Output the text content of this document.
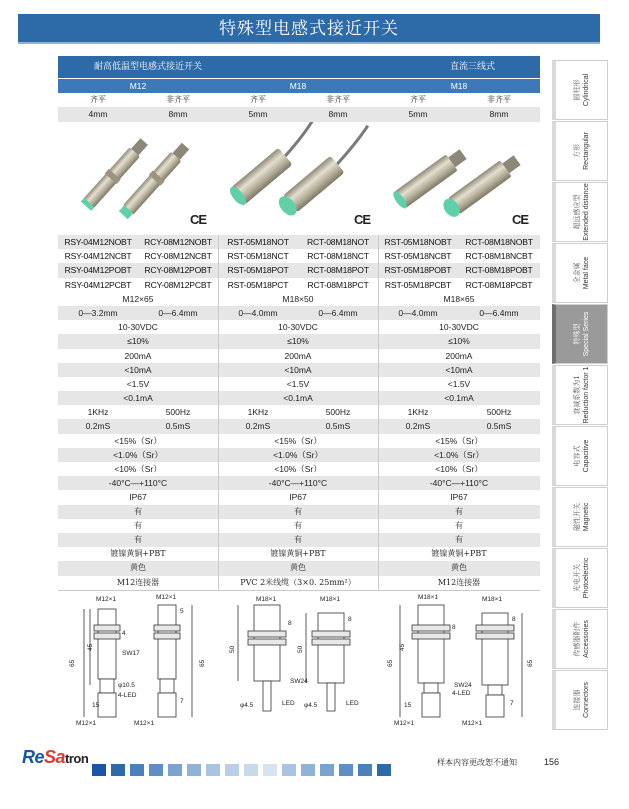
特殊型电感式接近开关
耐高低温型电感式接近开关	直流三线式
M12	M18	M18
齐平	非齐平	齐平	非齐平	齐平	非齐平
4mm	8mm	5mm	8mm	5mm	8mm
CE	CE	CE
RSY-04M12NOBT	RCY-08M12NOBT	RST-05M18NOT	RCT-08M18NOT	RST-05M18NOBT	RCT-08M18NOBT
RSY-04M12NCBT	RCY-08M12NCBT	RST-05M18NCT	RCT-08M18NCT	RST-05M18NCBT	RCT-08M18NCBT
RSY-04M12POBT	RCY-08M12POBT	RST-05M18POT	RCT-08M18POT	RST-05M18POBT	RCT-08M18POBT
RSY-04M12PCBT	RCY-08M12PCBT	RST-05M18PCT	RCT-08M18PCT	RST-05M18PCBT	RCT-08M18PCBT
M12×65	M18×50	M18×65
0—3.2mm	0—6.4mm	0—4.0mm	0—6.4mm	0—4.0mm	0—6.4mm
10-30VDC	10-30VDC	10-30VDC
≤10%	≤10%	≤10%
200mA	200mA	200mA
<10mA	<10mA	<10mA
<1.5V	<1.5V	<1.5V
<0.1mA	<0.1mA	<0.1mA
1KHz	500Hz	1KHz	500Hz	1KHz	500Hz
0.2mS	0.5mS	0.2mS	0.5mS	0.2mS	0.5mS
<15%（Sr）	<15%（Sr）	<15%（Sr）
<1.0%（Sr）	<1.0%（Sr）	<1.0%（Sr）
<10%（Sr）	<10%（Sr）	<10%（Sr）
-40°C—+110°C	-40°C—+110°C	-40°C—+110°C
IP67	IP67	IP67
有	有	有
有	有	有
有	有	有
镀镍黄铜+PBT	镀镍黄铜+PBT	镀镍黄铜+PBT
黄色	黄色	黄色
M12连接器	PVC 2米线缆（3×0. 25mm²）	M12连接器
M12×1
65
45
SW17
4
φ10.5
4-LED
15
M12×1
M12×1
5
65
7
M12×1
M18×1
50
8
SW24
LED
φ4.5
M18×1
8
50
LED
φ4.5
M18×1
65
45
8
SW24
4-LED
15
M12×1
M18×1
8
65
7
M12×1
圆柱形 Cylindrical
方形 Rectangular
超远感应型 Extended distance
全金属 Metal face
特殊型 Special Series
衰减系数为1 Reduction factor 1
电容式 Capacitive
磁性开关 Magnetic
光电开关 Photoelectric
传感器附件 Accessories
连接器 Connectors
ReSatron	样本内容更改恕不通知	156
